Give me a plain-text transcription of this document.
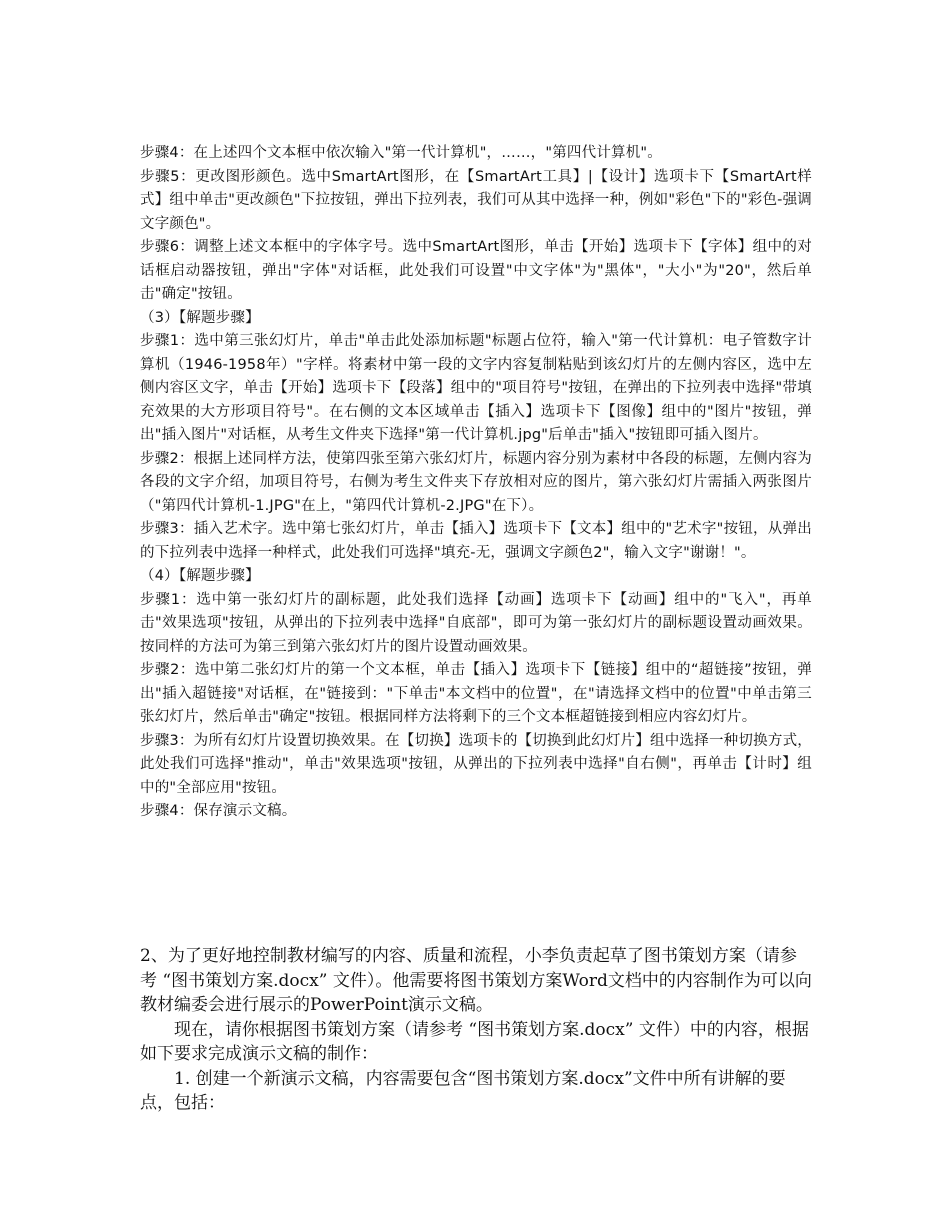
步骤4：在上述四个文本框中依次输入"第一代计算机"，……，"第四代计算机"。

步骤5：更改图形颜色。选中SmartArt图形，在【SmartArt工具】|【设计】选项卡下【SmartArt样式】组中单击"更改颜色"下拉按钮，弹出下拉列表，我们可从其中选择一种，例如"彩色"下的"彩色-强调文字颜色"。

步骤6：调整上述文本框中的字体字号。选中SmartArt图形，单击【开始】选项卡下【字体】组中的对话框启动器按钮，弹出"字体"对话框，此处我们可设置"中文字体"为"黑体"，"大小"为"20"，然后单击"确定"按钮。

（3）【解题步骤】

步骤1：选中第三张幻灯片，单击"单击此处添加标题"标题占位符，输入"第一代计算机：电子管数字计算机（1946-1958年）"字样。将素材中第一段的文字内容复制粘贴到该幻灯片的左侧内容区，选中左侧内容区文字，单击【开始】选项卡下【段落】组中的"项目符号"按钮，在弹出的下拉列表中选择"带填充效果的大方形项目符号"。在右侧的文本区域单击【插入】选项卡下【图像】组中的"图片"按钮，弹出"插入图片"对话框，从考生文件夹下选择"第一代计算机.jpg"后单击"插入"按钮即可插入图片。

步骤2：根据上述同样方法，使第四张至第六张幻灯片，标题内容分别为素材中各段的标题，左侧内容为各段的文字介绍，加项目符号，右侧为考生文件夹下存放相对应的图片，第六张幻灯片需插入两张图片（"第四代计算机-1.JPG"在上，"第四代计算机-2.JPG"在下）。

步骤3：插入艺术字。选中第七张幻灯片，单击【插入】选项卡下【文本】组中的"艺术字"按钮，从弹出的下拉列表中选择一种样式，此处我们可选择"填充-无，强调文字颜色2"，输入文字"谢谢！"。

（4）【解题步骤】

步骤1：选中第一张幻灯片的副标题，此处我们选择【动画】选项卡下【动画】组中的"飞入"，再单击"效果选项"按钮，从弹出的下拉列表中选择"自底部"，即可为第一张幻灯片的副标题设置动画效果。按同样的方法可为第三到第六张幻灯片的图片设置动画效果。

步骤2：选中第二张幻灯片的第一个文本框，单击【插入】选项卡下【链接】组中的“超链接”按钮，弹出"插入超链接"对话框，在"链接到："下单击"本文档中的位置"，在"请选择文档中的位置"中单击第三张幻灯片，然后单击"确定"按钮。根据同样方法将剩下的三个文本框超链接到相应内容幻灯片。

步骤3：为所有幻灯片设置切换效果。在【切换】选项卡的【切换到此幻灯片】组中选择一种切换方式，此处我们可选择"推动"，单击"效果选项"按钮，从弹出的下拉列表中选择"自右侧"，再单击【计时】组中的"全部应用"按钮。

步骤4：保存演示文稿。

2、为了更好地控制教材编写的内容、质量和流程，小李负责起草了图书策划方案（请参考 “图书策划方案.docx” 文件）。他需要将图书策划方案Word文档中的内容制作为可以向教材编委会进行展示的PowerPoint演示文稿。

现在，请你根据图书策划方案（请参考 “图书策划方案.docx” 文件）中的内容，根据如下要求完成演示文稿的制作：

1. 创建一个新演示文稿，内容需要包含“图书策划方案.docx”文件中所有讲解的要点，包括：
